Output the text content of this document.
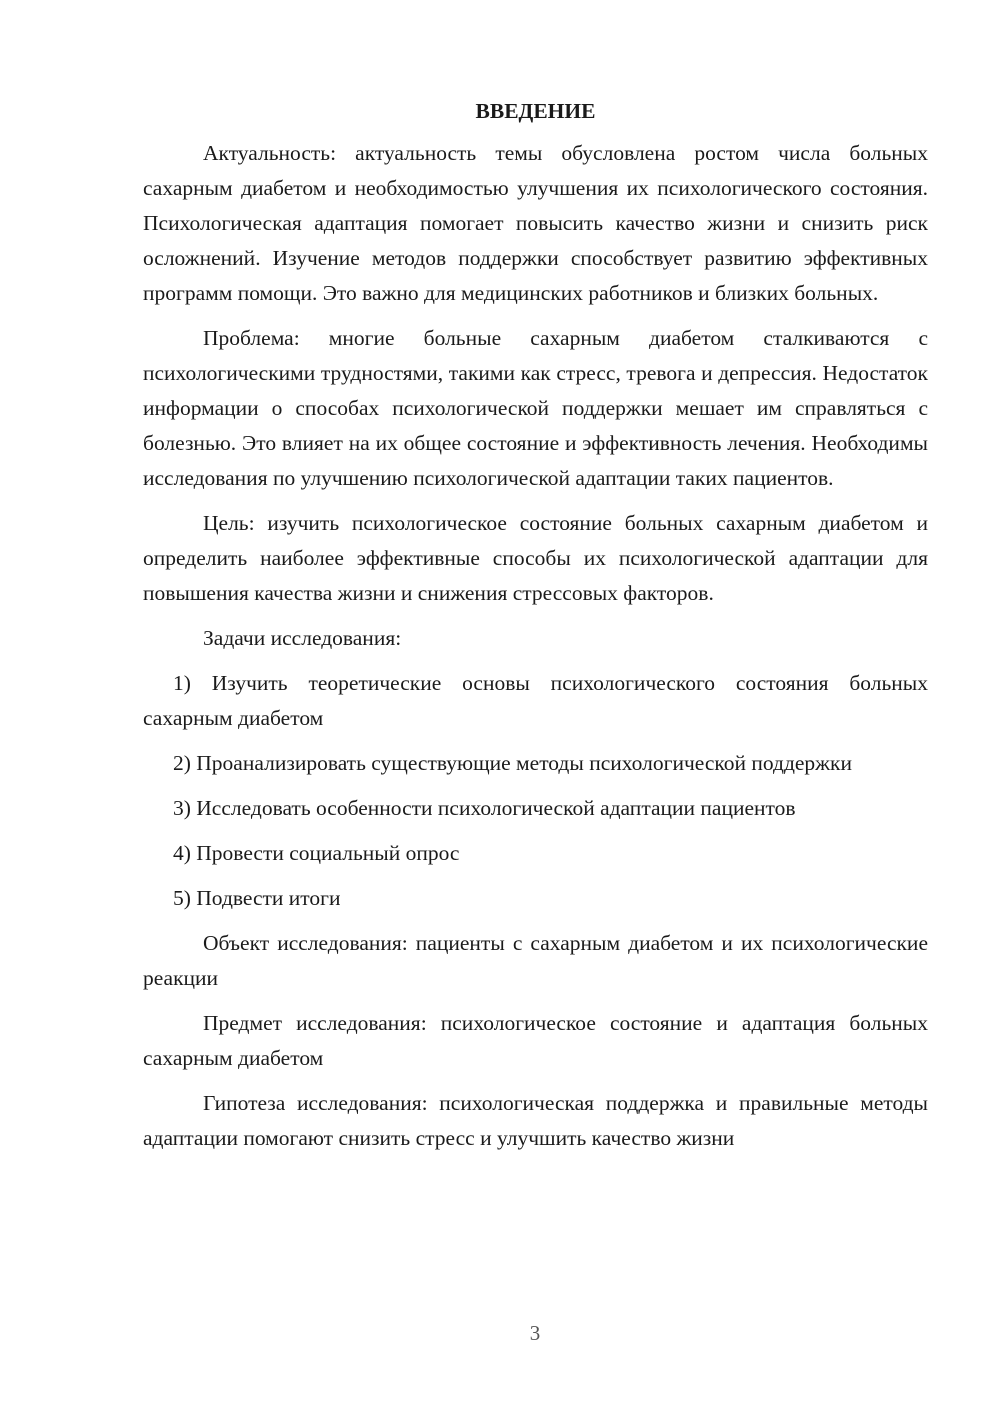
ВВЕДЕНИЕ

Актуальность: актуальность темы обусловлена ростом числа больных сахарным диабетом и необходимостью улучшения их психологического состояния. Психологическая адаптация помогает повысить качество жизни и снизить риск осложнений. Изучение методов поддержки способствует развитию эффективных программ помощи. Это важно для медицинских работников и близких больных.

Проблема: многие больные сахарным диабетом сталкиваются с психологическими трудностями, такими как стресс, тревога и депрессия. Недостаток информации о способах психологической поддержки мешает им справляться с болезнью. Это влияет на их общее состояние и эффективность лечения. Необходимы исследования по улучшению психологической адаптации таких пациентов.

Цель: изучить психологическое состояние больных сахарным диабетом и определить наиболее эффективные способы их психологической адаптации для повышения качества жизни и снижения стрессовых факторов.

Задачи исследования:

1) Изучить теоретические основы психологического состояния больных сахарным диабетом

2) Проанализировать существующие методы психологической поддержки

3) Исследовать особенности психологической адаптации пациентов

4) Провести социальный опрос

5) Подвести итоги

Объект исследования: пациенты с сахарным диабетом и их психологические реакции

Предмет исследования: психологическое состояние и адаптация больных сахарным диабетом

Гипотеза исследования: психологическая поддержка и правильные методы адаптации помогают снизить стресс и улучшить качество жизни

3
